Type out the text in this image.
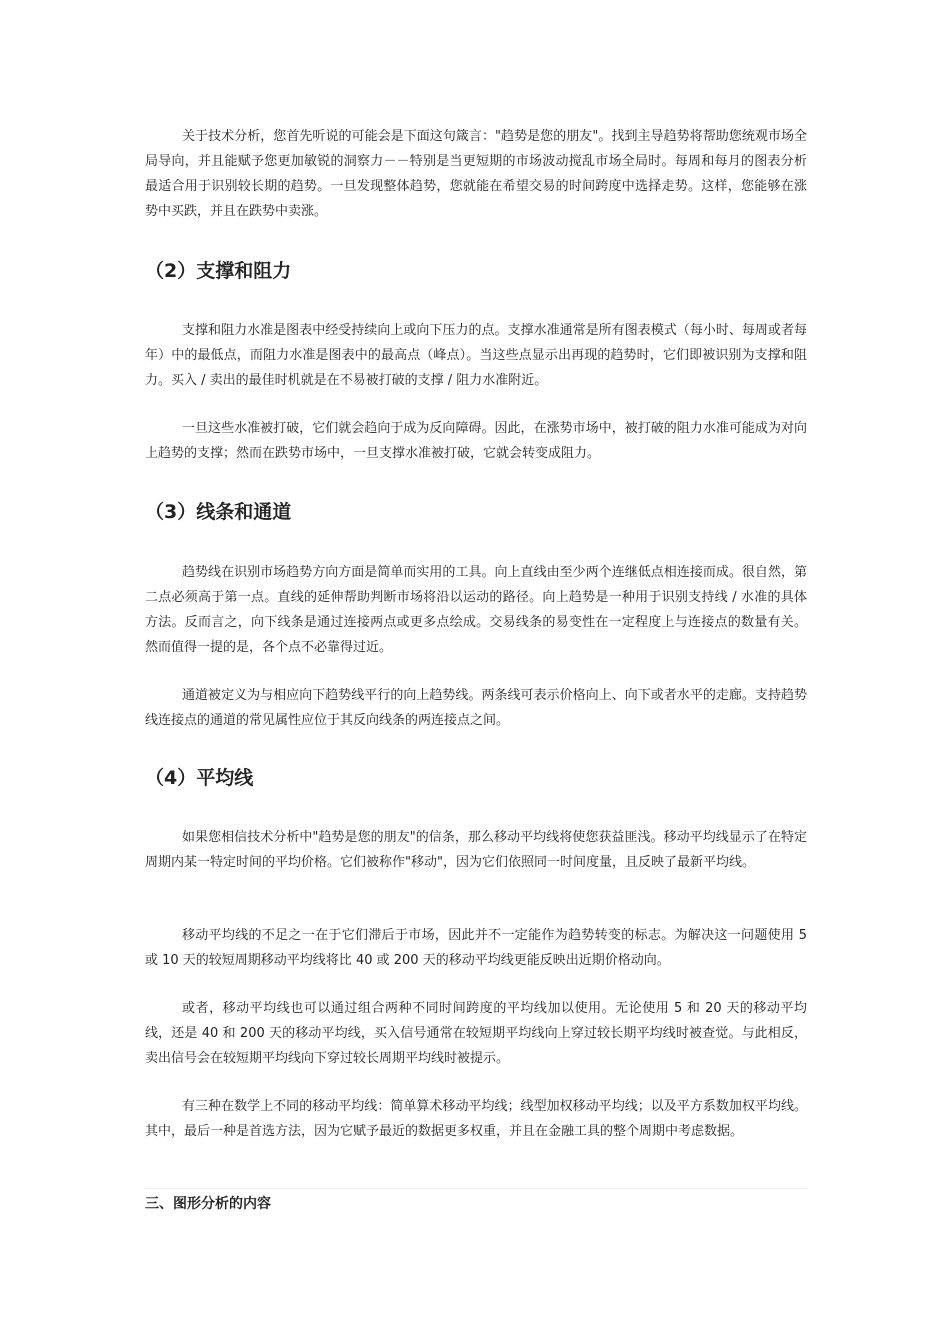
关于技术分析，您首先听说的可能会是下面这句箴言："趋势是您的朋友"。找到主导趋势将帮助您统观市场全局导向，并且能赋予您更加敏锐的洞察力－－特别是当更短期的市场波动搅乱市场全局时。每周和每月的图表分析最适合用于识别较长期的趋势。一旦发现整体趋势，您就能在希望交易的时间跨度中选择走势。这样，您能够在涨势中买跌，并且在跌势中卖涨。

（2）支撑和阻力

支撑和阻力水准是图表中经受持续向上或向下压力的点。支撑水准通常是所有图表模式（每小时、每周或者每年）中的最低点，而阻力水准是图表中的最高点（峰点）。当这些点显示出再现的趋势时，它们即被识别为支撑和阻力。买入 / 卖出的最佳时机就是在不易被打破的支撑 / 阻力水准附近。

一旦这些水准被打破，它们就会趋向于成为反向障碍。因此，在涨势市场中，被打破的阻力水准可能成为对向上趋势的支撑；然而在跌势市场中，一旦支撑水准被打破，它就会转变成阻力。

（3）线条和通道

趋势线在识别市场趋势方向方面是简单而实用的工具。向上直线由至少两个连继低点相连接而成。很自然，第二点必须高于第一点。直线的延伸帮助判断市场将沿以运动的路径。向上趋势是一种用于识别支持线 / 水准的具体方法。反而言之，向下线条是通过连接两点或更多点绘成。交易线条的易变性在一定程度上与连接点的数量有关。然而值得一提的是，各个点不必靠得过近。

通道被定义为与相应向下趋势线平行的向上趋势线。两条线可表示价格向上、向下或者水平的走廊。支持趋势线连接点的通道的常见属性应位于其反向线条的两连接点之间。

（4）平均线

如果您相信技术分析中"趋势是您的朋友"的信条，那么移动平均线将使您获益匪浅。移动平均线显示了在特定周期内某一特定时间的平均价格。它们被称作"移动"，因为它们依照同一时间度量，且反映了最新平均线。

移动平均线的不足之一在于它们滞后于市场，因此并不一定能作为趋势转变的标志。为解决这一问题使用 5 或 10 天的较短周期移动平均线将比 40 或 200 天的移动平均线更能反映出近期价格动向。

或者，移动平均线也可以通过组合两种不同时间跨度的平均线加以使用。无论使用 5 和 20 天的移动平均线，还是 40 和 200 天的移动平均线，买入信号通常在较短期平均线向上穿过较长期平均线时被查觉。与此相反，卖出信号会在较短期平均线向下穿过较长周期平均线时被提示。

有三种在数学上不同的移动平均线：简单算术移动平均线；线型加权移动平均线；以及平方系数加权平均线。其中，最后一种是首选方法，因为它赋予最近的数据更多权重，并且在金融工具的整个周期中考虑数据。

三、图形分析的内容
